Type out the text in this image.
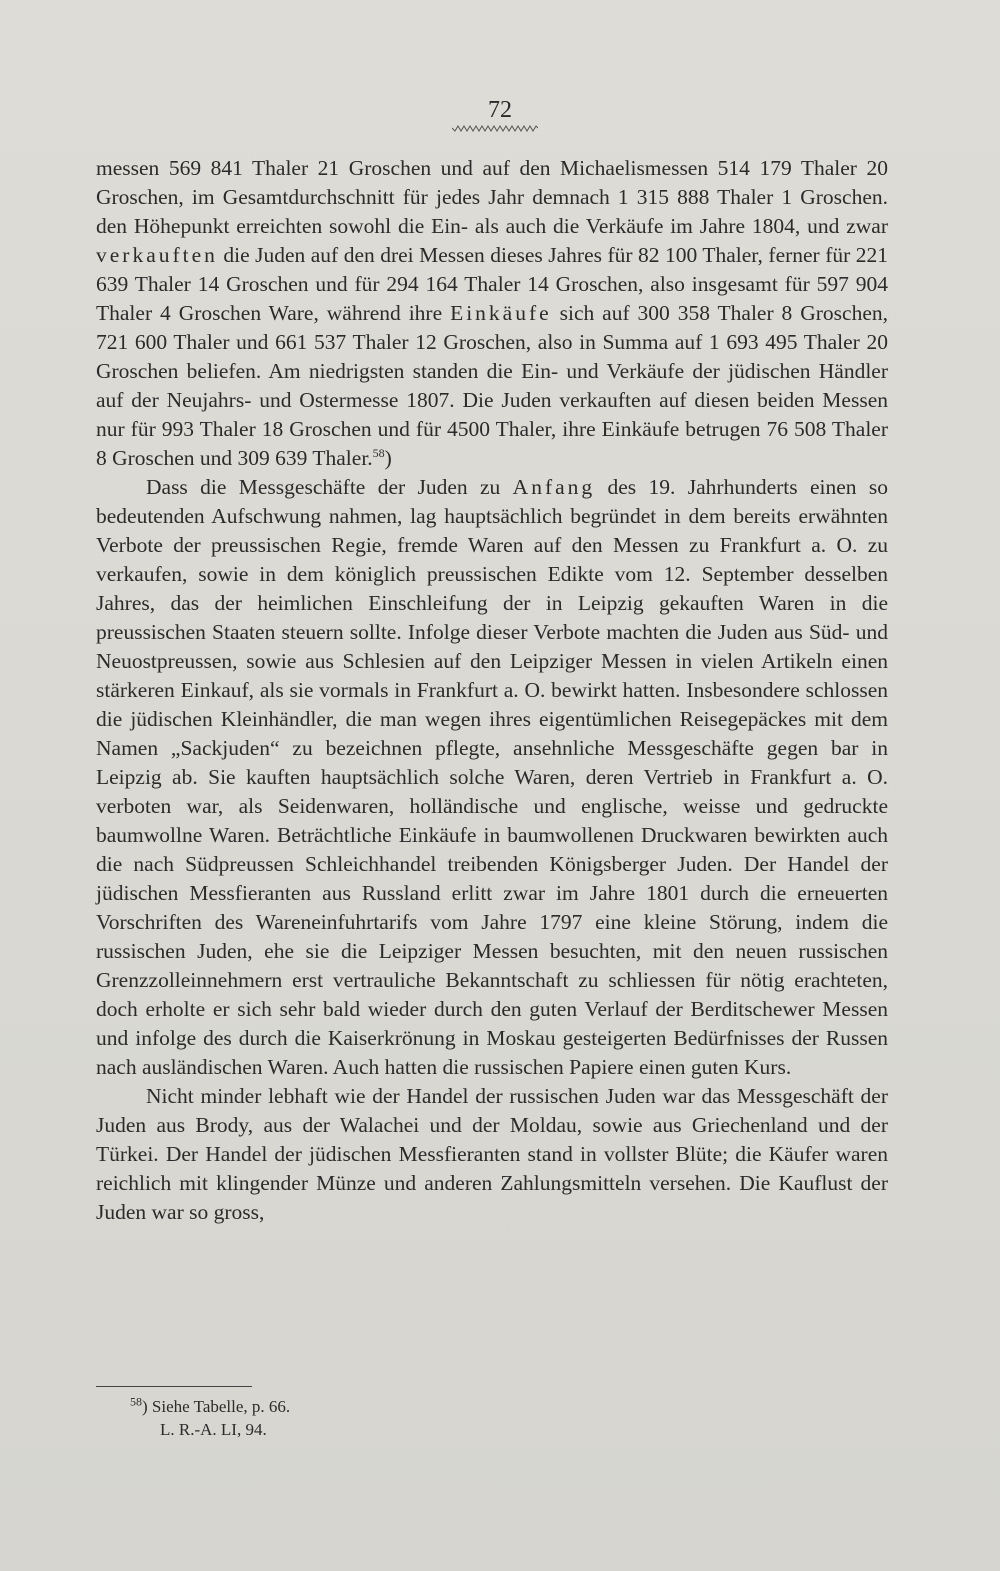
72

messen 569 841 Thaler 21 Groschen und auf den Michaelismessen 514 179 Thaler 20 Groschen, im Gesamtdurchschnitt für jedes Jahr demnach 1 315 888 Thaler 1 Groschen. den Höhepunkt erreichten sowohl die Ein- als auch die Verkäufe im Jahre 1804, und zwar verkauften die Juden auf den drei Messen dieses Jahres für 82 100 Thaler, ferner für 221 639 Thaler 14 Groschen und für 294 164 Thaler 14 Groschen, also insgesamt für 597 904 Thaler 4 Groschen Ware, während ihre Einkäufe sich auf 300 358 Thaler 8 Groschen, 721 600 Thaler und 661 537 Thaler 12 Groschen, also in Summa auf 1 693 495 Thaler 20 Groschen beliefen. Am niedrigsten standen die Ein- und Verkäufe der jüdischen Händler auf der Neujahrs- und Ostermesse 1807. Die Juden verkauften auf diesen beiden Messen nur für 993 Thaler 18 Groschen und für 4500 Thaler, ihre Einkäufe betrugen 76 508 Thaler 8 Groschen und 309 639 Thaler.$^{58}$)

Dass die Messgeschäfte der Juden zu Anfang des 19. Jahrhunderts einen so bedeutenden Aufschwung nahmen, lag hauptsächlich begründet in dem bereits erwähnten Verbote der preussischen Regie, fremde Waren auf den Messen zu Frankfurt a. O. zu verkaufen, sowie in dem königlich preussischen Edikte vom 12. September desselben Jahres, das der heimlichen Einschleifung der in Leipzig gekauften Waren in die preussischen Staaten steuern sollte. Infolge dieser Verbote machten die Juden aus Süd- und Neuostpreussen, sowie aus Schlesien auf den Leipziger Messen in vielen Artikeln einen stärkeren Einkauf, als sie vormals in Frankfurt a. O. bewirkt hatten. Insbesondere schlossen die jüdischen Kleinhändler, die man wegen ihres eigentümlichen Reisegepäckes mit dem Namen „Sackjuden“ zu bezeichnen pflegte, ansehnliche Messgeschäfte gegen bar in Leipzig ab. Sie kauften hauptsächlich solche Waren, deren Vertrieb in Frankfurt a. O. verboten war, als Seidenwaren, holländische und englische, weisse und gedruckte baumwollne Waren. Beträchtliche Einkäufe in baumwollenen Druckwaren bewirkten auch die nach Südpreussen Schleichhandel treibenden Königsberger Juden. Der Handel der jüdischen Messfieranten aus Russland erlitt zwar im Jahre 1801 durch die erneuerten Vorschriften des Wareneinfuhrtarifs vom Jahre 1797 eine kleine Störung, indem die russischen Juden, ehe sie die Leipziger Messen besuchten, mit den neuen russischen Grenzzolleinnehmern erst vertrauliche Bekanntschaft zu schliessen für nötig erachteten, doch erholte er sich sehr bald wieder durch den guten Verlauf der Berditschewer Messen und infolge des durch die Kaiserkrönung in Moskau gesteigerten Bedürfnisses der Russen nach ausländischen Waren. Auch hatten die russischen Papiere einen guten Kurs.

Nicht minder lebhaft wie der Handel der russischen Juden war das Messgeschäft der Juden aus Brody, aus der Walachei und der Moldau, sowie aus Griechenland und der Türkei. Der Handel der jüdischen Messfieranten stand in vollster Blüte; die Käufer waren reichlich mit klingender Münze und anderen Zahlungsmitteln versehen. Die Kauflust der Juden war so gross,

$^{58}$) Siehe Tabelle, p. 66.
L. R.-A. LI, 94.
